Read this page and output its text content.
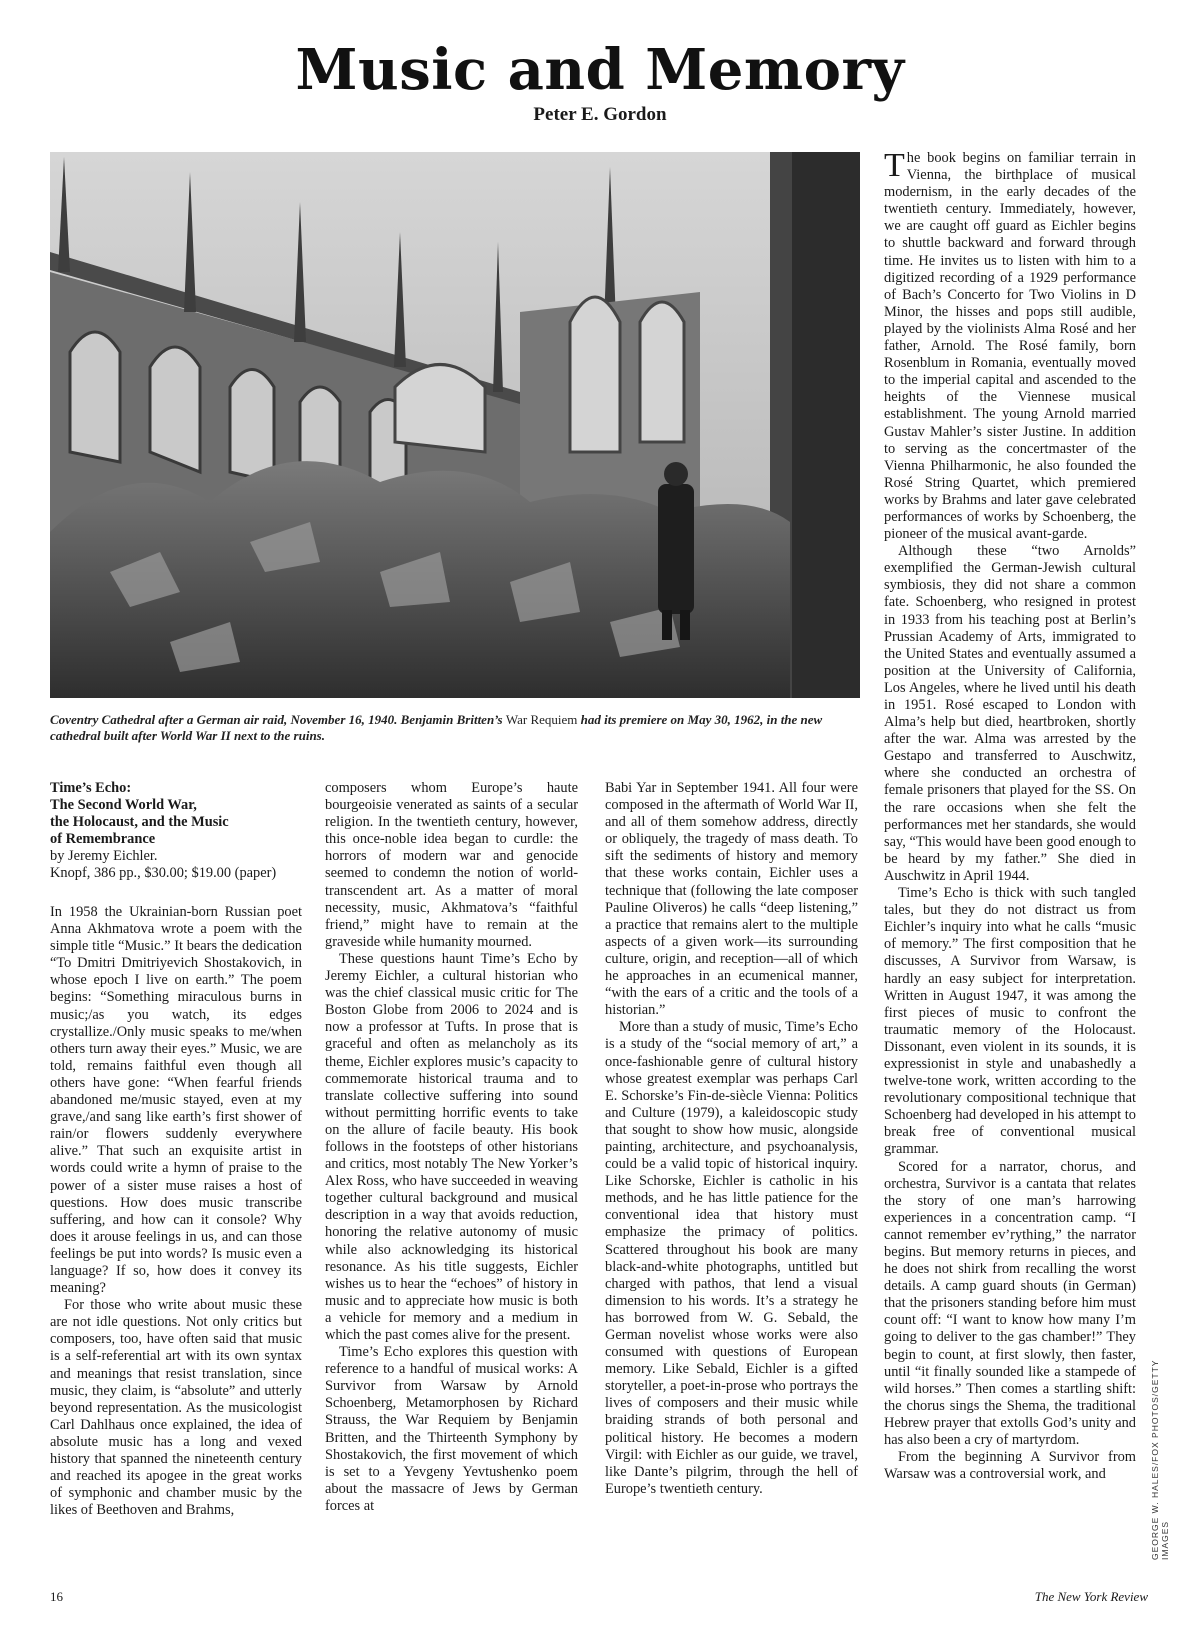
Music and Memory
Peter E. Gordon
Coventry Cathedral after a German air raid, November 16, 1940. Benjamin Britten’s War Requiem had its premiere on May 30, 1962, in the new cathedral built after World War II next to the ruins.
Time’s Echo:
The Second World War,
the Holocaust, and the Music
of Remembrance
by Jeremy Eichler.
Knopf, 386 pp., $30.00; $19.00 (paper)

In 1958 the Ukrainian-born Russian poet Anna Akhmatova wrote a poem with the simple title “Music.” It bears the dedication “To Dmitri Dmitriyevich Shostakovich, in whose epoch I live on earth.” The poem begins: “Something miraculous burns in music;/as you watch, its edges crystallize./Only music speaks to me/when others turn away their eyes.” Music, we are told, remains faithful even though all others have gone: “When fearful friends abandoned me/music stayed, even at my grave,/and sang like earth’s first shower of rain/or flowers suddenly everywhere alive.” That such an exquisite artist in words could write a hymn of praise to the power of a sister muse raises a host of questions. How does music transcribe suffering, and how can it console? Why does it arouse feelings in us, and can those feelings be put into words? Is music even a language? If so, how does it convey its meaning?

For those who write about music these are not idle questions. Not only critics but composers, too, have often said that music is a self-referential art with its own syntax and meanings that resist translation, since music, they claim, is “absolute” and utterly beyond representation. As the musicologist Carl Dahlhaus once explained, the idea of absolute music has a long and vexed history that spanned the nineteenth century and reached its apogee in the great works of symphonic and chamber music by the likes of Beethoven and Brahms,

composers whom Europe’s haute bourgeoisie venerated as saints of a secular religion. In the twentieth century, however, this once-noble idea began to curdle: the horrors of modern war and genocide seemed to condemn the notion of world-transcendent art. As a matter of moral necessity, music, Akhmatova’s “faithful friend,” might have to remain at the graveside while humanity mourned.

These questions haunt Time’s Echo by Jeremy Eichler, a cultural historian who was the chief classical music critic for The Boston Globe from 2006 to 2024 and is now a professor at Tufts. In prose that is graceful and often as melancholy as its theme, Eichler explores music’s capacity to commemorate historical trauma and to translate collective suffering into sound without permitting horrific events to take on the allure of facile beauty. His book follows in the footsteps of other historians and critics, most notably The New Yorker’s Alex Ross, who have succeeded in weaving together cultural background and musical description in a way that avoids reduction, honoring the relative autonomy of music while also acknowledging its historical resonance. As his title suggests, Eichler wishes us to hear the “echoes” of history in music and to appreciate how music is both a vehicle for memory and a medium in which the past comes alive for the present.

Time’s Echo explores this question with reference to a handful of musical works: A Survivor from Warsaw by Arnold Schoenberg, Metamorphosen by Richard Strauss, the War Requiem by Benjamin Britten, and the Thirteenth Symphony by Shostakovich, the first movement of which is set to a Yevgeny Yevtushenko poem about the massacre of Jews by German forces at

Babi Yar in September 1941. All four were composed in the aftermath of World War II, and all of them somehow address, directly or obliquely, the tragedy of mass death. To sift the sediments of history and memory that these works contain, Eichler uses a technique that (following the late composer Pauline Oliveros) he calls “deep listening,” a practice that remains alert to the multiple aspects of a given work—its surrounding culture, origin, and reception—all of which he approaches in an ecumenical manner, “with the ears of a critic and the tools of a historian.”

More than a study of music, Time’s Echo is a study of the “social memory of art,” a once-fashionable genre of cultural history whose greatest exemplar was perhaps Carl E. Schorske’s Fin-de-siècle Vienna: Politics and Culture (1979), a kaleidoscopic study that sought to show how music, alongside painting, architecture, and psychoanalysis, could be a valid topic of historical inquiry. Like Schorske, Eichler is catholic in his methods, and he has little patience for the conventional idea that history must emphasize the primacy of politics. Scattered throughout his book are many black-and-white photographs, untitled but charged with pathos, that lend a visual dimension to his words. It’s a strategy he has borrowed from W. G. Sebald, the German novelist whose works were also consumed with questions of European memory. Like Sebald, Eichler is a gifted storyteller, a poet-in-prose who portrays the lives of composers and their music while braiding strands of both personal and political history. He becomes a modern Virgil: with Eichler as our guide, we travel, like Dante’s pilgrim, through the hell of Europe’s twentieth century.

The book begins on familiar terrain in Vienna, the birthplace of musical modernism, in the early decades of the twentieth century. Immediately, however, we are caught off guard as Eichler begins to shuttle backward and forward through time. He invites us to listen with him to a digitized recording of a 1929 performance of Bach’s Concerto for Two Violins in D Minor, the hisses and pops still audible, played by the violinists Alma Rosé and her father, Arnold. The Rosé family, born Rosenblum in Romania, eventually moved to the imperial capital and ascended to the heights of the Viennese musical establishment. The young Arnold married Gustav Mahler’s sister Justine. In addition to serving as the concertmaster of the Vienna Philharmonic, he also founded the Rosé String Quartet, which premiered works by Brahms and later gave celebrated performances of works by Schoenberg, the pioneer of the musical avant-garde.

Although these “two Arnolds” exemplified the German-Jewish cultural symbiosis, they did not share a common fate. Schoenberg, who resigned in protest in 1933 from his teaching post at Berlin’s Prussian Academy of Arts, immigrated to the United States and eventually assumed a position at the University of California, Los Angeles, where he lived until his death in 1951. Rosé escaped to London with Alma’s help but died, heartbroken, shortly after the war. Alma was arrested by the Gestapo and transferred to Auschwitz, where she conducted an orchestra of female prisoners that played for the SS. On the rare occasions when she felt the performances met her standards, she would say, “This would have been good enough to be heard by my father.” She died in Auschwitz in April 1944.

Time’s Echo is thick with such tangled tales, but they do not distract us from Eichler’s inquiry into what he calls “music of memory.” The first composition that he discusses, A Survivor from Warsaw, is hardly an easy subject for interpretation. Written in August 1947, it was among the first pieces of music to confront the traumatic memory of the Holocaust. Dissonant, even violent in its sounds, it is expressionist in style and unabashedly a twelve-tone work, written according to the revolutionary compositional technique that Schoenberg had developed in his attempt to break free of conventional musical grammar.

Scored for a narrator, chorus, and orchestra, Survivor is a cantata that relates the story of one man’s harrowing experiences in a concentration camp. “I cannot remember ev’rything,” the narrator begins. But memory returns in pieces, and he does not shirk from recalling the worst details. A camp guard shouts (in German) that the prisoners standing before him must count off: “I want to know how many I’m going to deliver to the gas chamber!” They begin to count, at first slowly, then faster, until “it finally sounded like a stampede of wild horses.” Then comes a startling shift: the chorus sings the Shema, the traditional Hebrew prayer that extolls God’s unity and has also been a cry of martyrdom.

From the beginning A Survivor from Warsaw was a controversial work, and	GEORGE W. HALES/FOX PHOTOS/GETTY IMAGES
16	The New York Review
